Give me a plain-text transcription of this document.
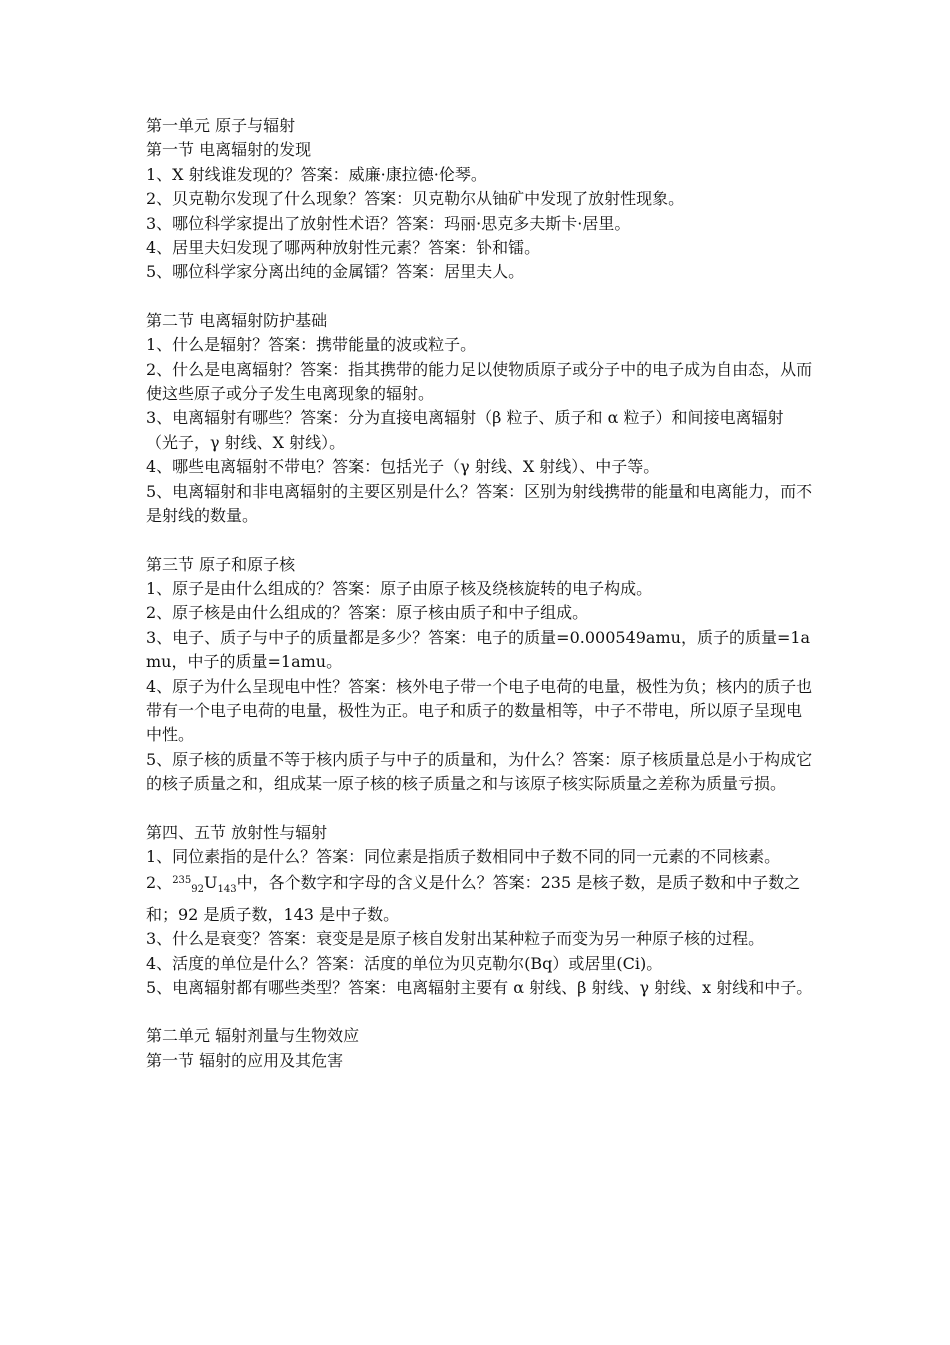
第一单元 原子与辐射

第一节 电离辐射的发现

1、X 射线谁发现的？答案：威廉·康拉德·伦琴。

2、贝克勒尔发现了什么现象？答案：贝克勒尔从铀矿中发现了放射性现象。

3、哪位科学家提出了放射性术语？答案：玛丽·思克多夫斯卡·居里。

4、居里夫妇发现了哪两种放射性元素？答案：钋和镭。

5、哪位科学家分离出纯的金属镭？答案：居里夫人。

第二节 电离辐射防护基础

1、什么是辐射？答案：携带能量的波或粒子。

2、什么是电离辐射？答案：指其携带的能力足以使物质原子或分子中的电子成为自由态，从而使这些原子或分子发生电离现象的辐射。

3、电离辐射有哪些？答案：分为直接电离辐射（β 粒子、质子和 α 粒子）和间接电离辐射（光子，γ 射线、X 射线）。

4、哪些电离辐射不带电？答案：包括光子（γ 射线、X 射线）、中子等。

5、电离辐射和非电离辐射的主要区别是什么？答案：区别为射线携带的能量和电离能力，而不是射线的数量。

第三节 原子和原子核

1、原子是由什么组成的？答案：原子由原子核及绕核旋转的电子构成。

2、原子核是由什么组成的？答案：原子核由质子和中子组成。

3、电子、质子与中子的质量都是多少？答案：电子的质量=0.000549amu，质子的质量=1amu，中子的质量=1amu。

4、原子为什么呈现电中性？答案：核外电子带一个电子电荷的电量，极性为负；核内的质子也带有一个电子电荷的电量，极性为正。电子和质子的数量相等，中子不带电，所以原子呈现电中性。

5、原子核的质量不等于核内质子与中子的质量和，为什么？答案：原子核质量总是小于构成它的核子质量之和，组成某一原子核的核子质量之和与该原子核实际质量之差称为质量亏损。

第四、五节 放射性与辐射

1、同位素指的是什么？答案：同位素是指质子数相同中子数不同的同一元素的不同核素。

2、$^{235}_{92}U_{143}$中，各个数字和字母的含义是什么？答案：235 是核子数，是质子数和中子数之和；92 是质子数，143 是中子数。

3、什么是衰变？答案：衰变是是原子核自发射出某种粒子而变为另一种原子核的过程。

4、活度的单位是什么？答案：活度的单位为贝克勒尔(Bq）或居里(Ci)。

5、电离辐射都有哪些类型？答案：电离辐射主要有 α 射线、β 射线、γ 射线、x 射线和中子。

第二单元 辐射剂量与生物效应

第一节 辐射的应用及其危害
